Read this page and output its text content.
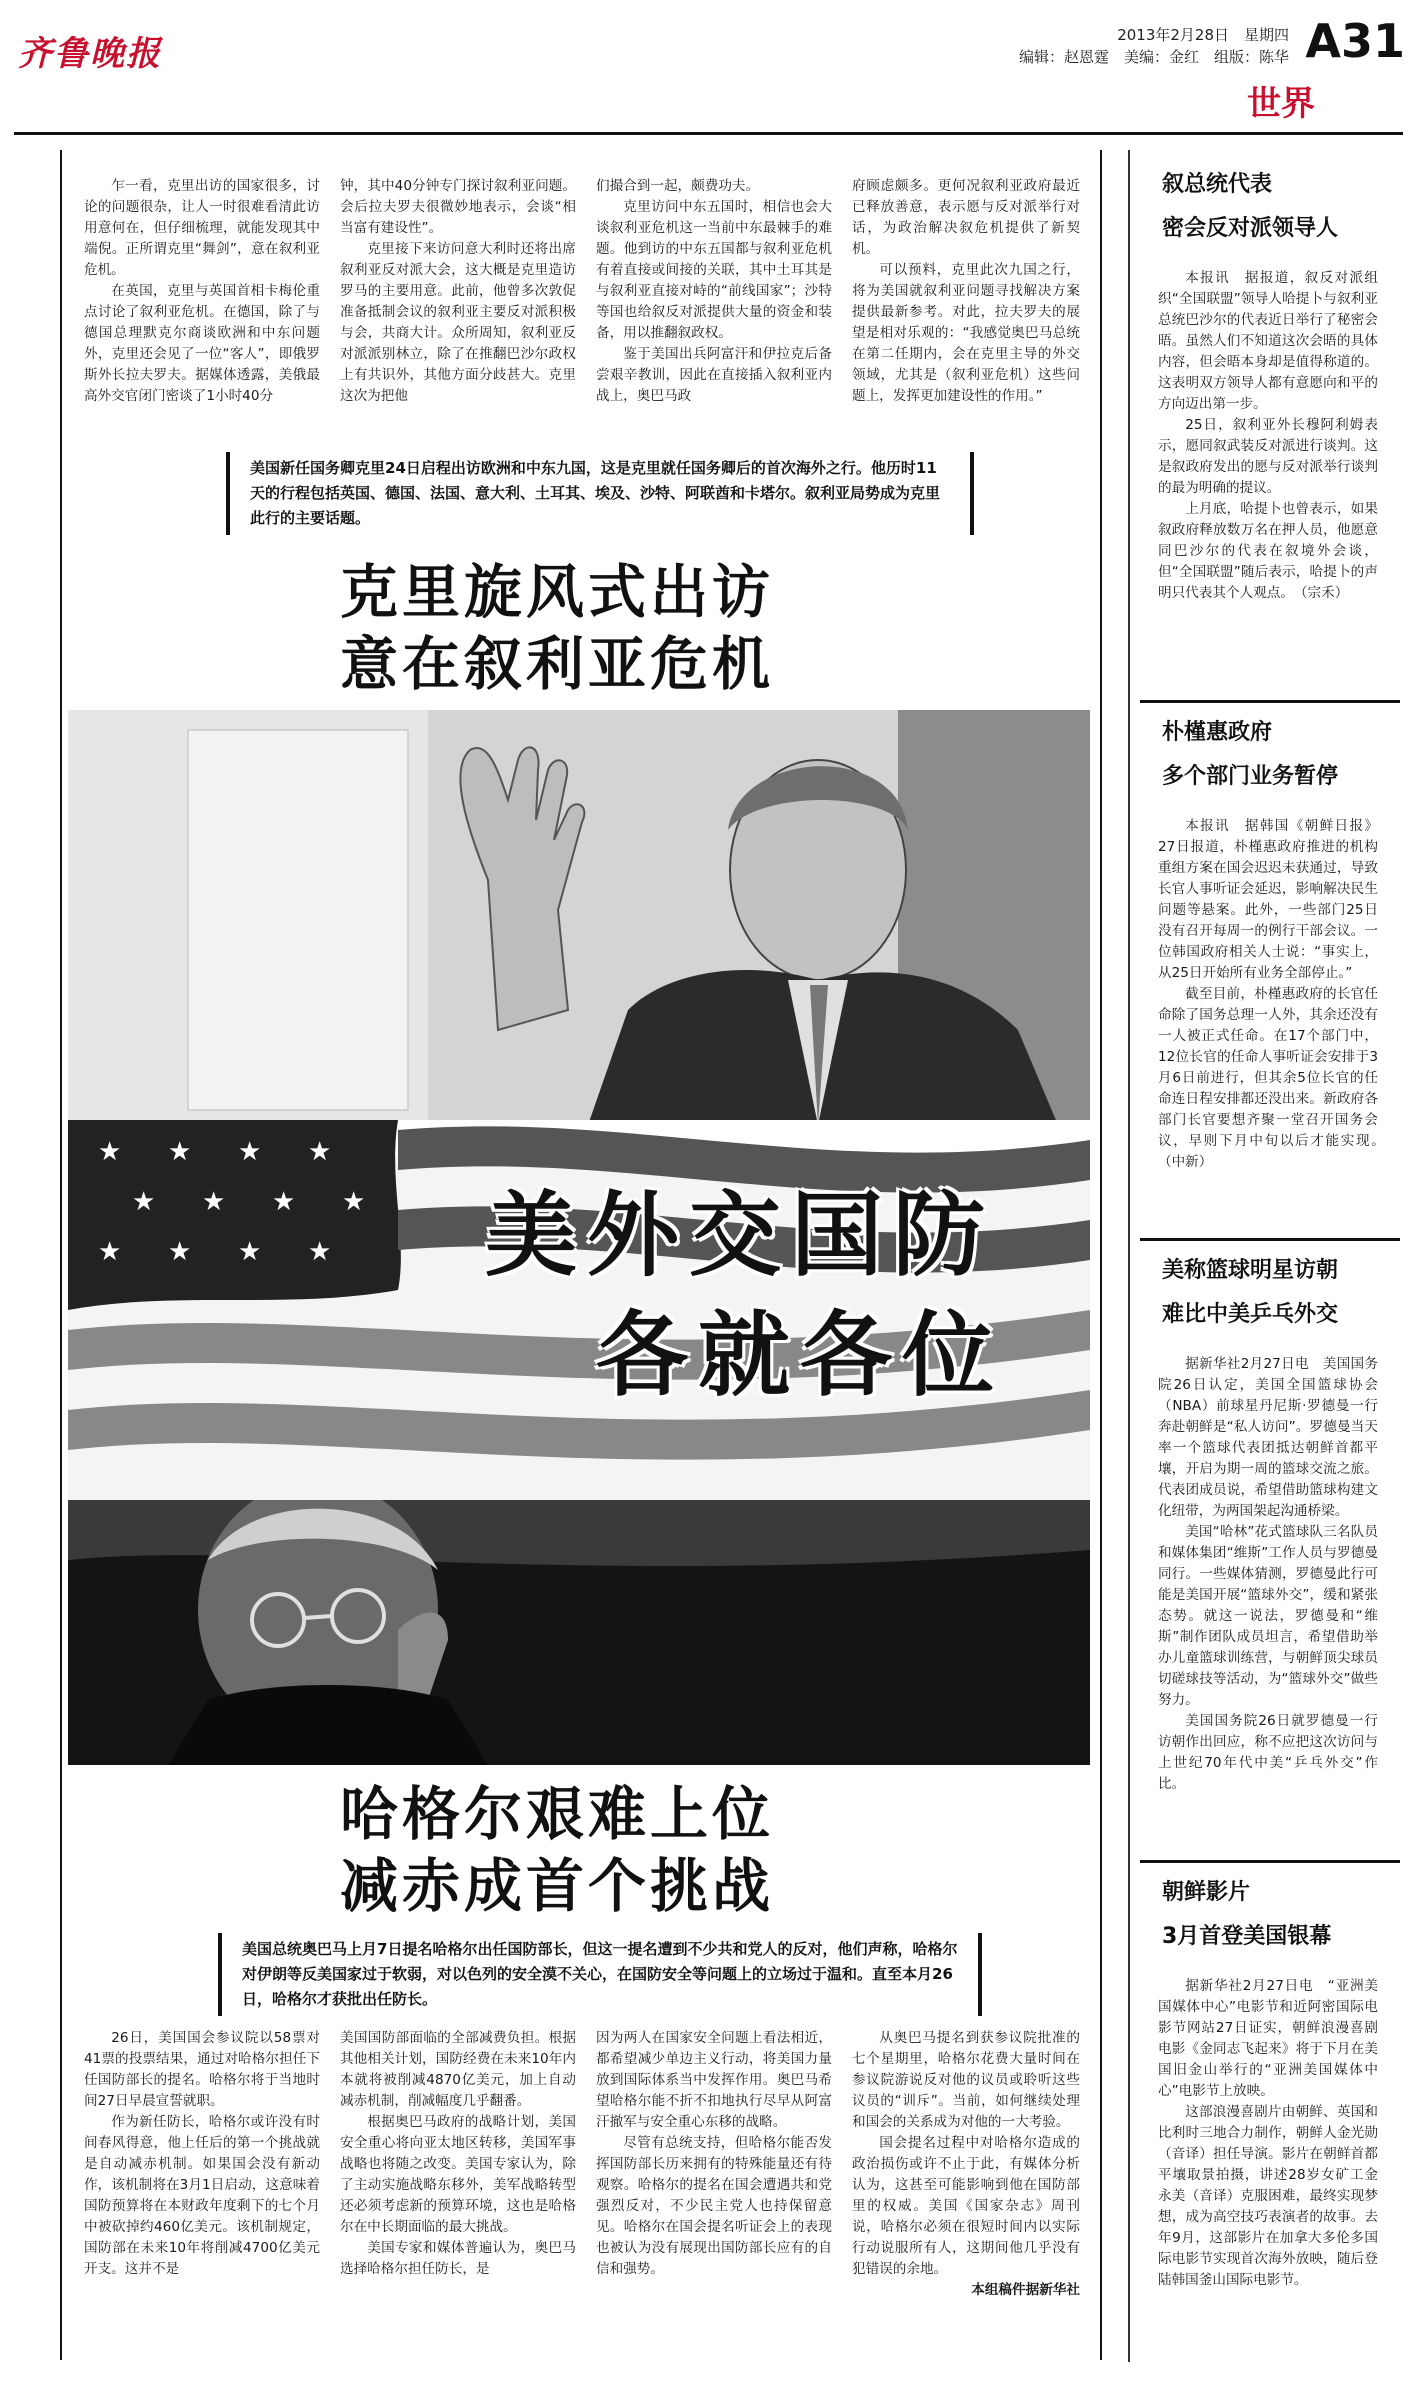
齐鲁晚报	2013年2月28日　星期四
编辑：赵恩霆　美编：金红　组版：陈华 A31
世界

乍一看，克里出访的国家很多，讨论的问题很杂，让人一时很难看清此访用意何在，但仔细梳理，就能发现其中端倪。正所谓克里“舞剑”，意在叙利亚危机。

在英国，克里与英国首相卡梅伦重点讨论了叙利亚危机。在德国，除了与德国总理默克尔商谈欧洲和中东问题外，克里还会见了一位“客人”，即俄罗斯外长拉夫罗夫。据媒体透露，美俄最高外交官闭门密谈了1小时40分

钟，其中40分钟专门探讨叙利亚问题。会后拉夫罗夫很微妙地表示，会谈“相当富有建设性”。

克里接下来访问意大利时还将出席叙利亚反对派大会，这大概是克里造访罗马的主要用意。此前，他曾多次敦促准备抵制会议的叙利亚主要反对派积极与会，共商大计。众所周知，叙利亚反对派派别林立，除了在推翻巴沙尔政权上有共识外，其他方面分歧甚大。克里这次为把他

们撮合到一起，颇费功夫。

克里访问中东五国时，相信也会大谈叙利亚危机这一当前中东最棘手的难题。他到访的中东五国都与叙利亚危机有着直接或间接的关联，其中土耳其是与叙利亚直接对峙的“前线国家”；沙特等国也给叙反对派提供大量的资金和装备，用以推翻叙政权。

鉴于美国出兵阿富汗和伊拉克后备尝艰辛教训，因此在直接插入叙利亚内战上，奥巴马政

府顾虑颇多。更何况叙利亚政府最近已释放善意，表示愿与反对派举行对话，为政治解决叙危机提供了新契机。

可以预料，克里此次九国之行，将为美国就叙利亚问题寻找解决方案提供最新参考。对此，拉夫罗夫的展望是相对乐观的：“我感觉奥巴马总统在第二任期内，会在克里主导的外交领域，尤其是（叙利亚危机）这些问题上，发挥更加建设性的作用。”

美国新任国务卿克里24日启程出访欧洲和中东九国，这是克里就任国务卿后的首次海外之行。他历时11天的行程包括英国、德国、法国、意大利、土耳其、埃及、沙特、阿联酋和卡塔尔。叙利亚局势成为克里此行的主要话题。
克里旋风式出访
意在叙利亚危机
★ ★ ★ ★
★ ★ ★ ★
★ ★ ★ ★	美外交国防
各就各位
哈格尔艰难上位
减赤成首个挑战
美国总统奥巴马上月7日提名哈格尔出任国防部长，但这一提名遭到不少共和党人的反对，他们声称，哈格尔对伊朗等反美国家过于软弱，对以色列的安全漠不关心，在国防安全等问题上的立场过于温和。直至本月26日，哈格尔才获批出任防长。

26日，美国国会参议院以58票对41票的投票结果，通过对哈格尔担任下任国防部长的提名。哈格尔将于当地时间27日早晨宣誓就职。

作为新任防长，哈格尔或许没有时间春风得意，他上任后的第一个挑战就是自动减赤机制。如果国会没有新动作，该机制将在3月1日启动，这意味着国防预算将在本财政年度剩下的七个月中被砍掉约460亿美元。该机制规定，国防部在未来10年将削减4700亿美元开支。这并不是

美国国防部面临的全部减费负担。根据其他相关计划，国防经费在未来10年内本就将被削减4870亿美元，加上自动减赤机制，削减幅度几乎翻番。

根据奥巴马政府的战略计划，美国安全重心将向亚太地区转移，美国军事战略也将随之改变。美国专家认为，除了主动实施战略东移外，美军战略转型还必须考虑新的预算环境，这也是哈格尔在中长期面临的最大挑战。

美国专家和媒体普遍认为，奥巴马选择哈格尔担任防长，是

因为两人在国家安全问题上看法相近，都希望减少单边主义行动，将美国力量放到国际体系当中发挥作用。奥巴马希望哈格尔能不折不扣地执行尽早从阿富汗撤军与安全重心东移的战略。

尽管有总统支持，但哈格尔能否发挥国防部长历来拥有的特殊能量还有待观察。哈格尔的提名在国会遭遇共和党强烈反对，不少民主党人也持保留意见。哈格尔在国会提名听证会上的表现也被认为没有展现出国防部长应有的自信和强势。

从奥巴马提名到获参议院批准的七个星期里，哈格尔花费大量时间在参议院游说反对他的议员或聆听这些议员的“训斥”。当前，如何继续处理和国会的关系成为对他的一大考验。

国会提名过程中对哈格尔造成的政治损伤或许不止于此，有媒体分析认为，这甚至可能影响到他在国防部里的权威。美国《国家杂志》周刊说，哈格尔必须在很短时间内以实际行动说服所有人，这期间他几乎没有犯错误的余地。

本组稿件据新华社

叙总统代表
密会反对派领导人

本报讯　据报道，叙反对派组织“全国联盟”领导人哈提卜与叙利亚总统巴沙尔的代表近日举行了秘密会晤。虽然人们不知道这次会晤的具体内容，但会晤本身却是值得称道的。这表明双方领导人都有意愿向和平的方向迈出第一步。

25日，叙利亚外长穆阿利姆表示，愿同叙武装反对派进行谈判。这是叙政府发出的愿与反对派举行谈判的最为明确的提议。

上月底，哈提卜也曾表示，如果叙政府释放数万名在押人员，他愿意同巴沙尔的代表在叙境外会谈，但“全国联盟”随后表示，哈提卜的声明只代表其个人观点。　（宗禾）

朴槿惠政府
多个部门业务暂停

本报讯　据韩国《朝鲜日报》27日报道，朴槿惠政府推进的机构重组方案在国会迟迟未获通过，导致长官人事听证会延迟，影响解决民生问题等悬案。此外，一些部门25日没有召开每周一的例行干部会议。一位韩国政府相关人士说：“事实上，从25日开始所有业务全部停止。”

截至目前，朴槿惠政府的长官任命除了国务总理一人外，其余还没有一人被正式任命。在17个部门中，12位长官的任命人事听证会安排于3月6日前进行，但其余5位长官的任命连日程安排都还没出来。新政府各部门长官要想齐聚一堂召开国务会议，早则下月中旬以后才能实现。　（中新）

美称篮球明星访朝
难比中美乒乓外交

据新华社2月27日电　美国国务院26日认定，美国全国篮球协会（NBA）前球星丹尼斯·罗德曼一行奔赴朝鲜是“私人访问”。罗德曼当天率一个篮球代表团抵达朝鲜首都平壤，开启为期一周的篮球交流之旅。代表团成员说，希望借助篮球构建文化纽带，为两国架起沟通桥梁。

美国“哈林”花式篮球队三名队员和媒体集团“维斯”工作人员与罗德曼同行。一些媒体猜测，罗德曼此行可能是美国开展“篮球外交”，缓和紧张态势。就这一说法，罗德曼和“维斯”制作团队成员坦言，希望借助举办儿童篮球训练营，与朝鲜顶尖球员切磋球技等活动，为“篮球外交”做些努力。

美国国务院26日就罗德曼一行访朝作出回应，称不应把这次访问与上世纪70年代中美“乒乓外交”作比。

朝鲜影片
3月首登美国银幕

据新华社2月27日电　“亚洲美国媒体中心”电影节和近阿密国际电影节网站27日证实，朝鲜浪漫喜剧电影《金同志飞起来》将于下月在美国旧金山举行的“亚洲美国媒体中心”电影节上放映。

这部浪漫喜剧片由朝鲜、英国和比利时三地合力制作，朝鲜人金光勋（音译）担任导演。影片在朝鲜首都平壤取景拍摄，讲述28岁女矿工金永美（音译）克服困难，最终实现梦想，成为高空技巧表演者的故事。去年9月，这部影片在加拿大多伦多国际电影节实现首次海外放映，随后登陆韩国釜山国际电影节。
